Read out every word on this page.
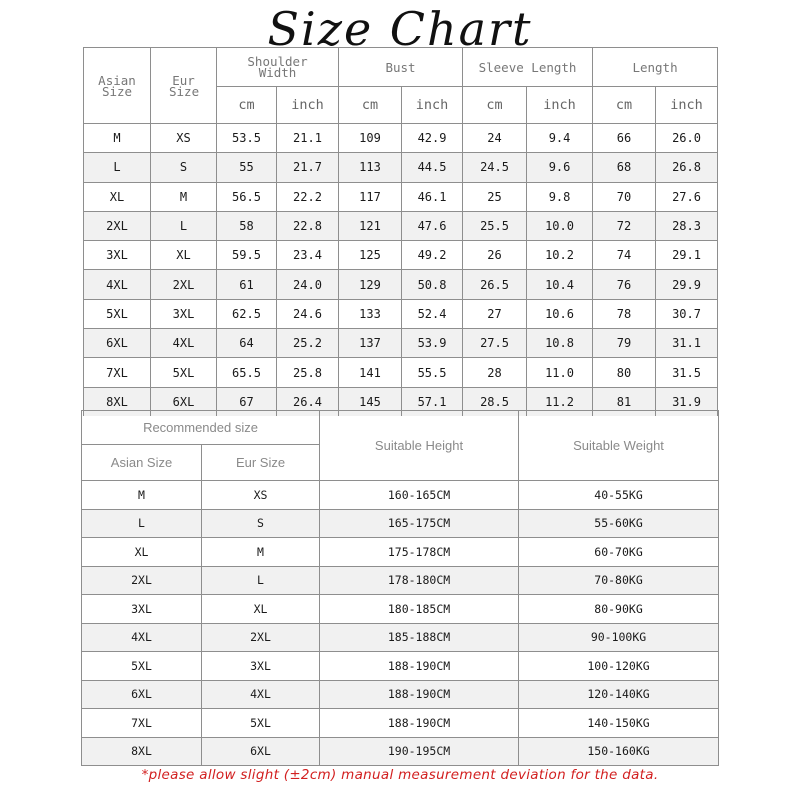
Size Chart
Asian Size	Eur Size	Shoulder Width		Bust		Sleeve Length		Length	
		cm	inch	cm	inch	cm	inch	cm	inch
M	XS	53.5	21.1	109	42.9	24	9.4	66	26.0
L	S	55	21.7	113	44.5	24.5	9.6	68	26.8
XL	M	56.5	22.2	117	46.1	25	9.8	70	27.6
2XL	L	58	22.8	121	47.6	25.5	10.0	72	28.3
3XL	XL	59.5	23.4	125	49.2	26	10.2	74	29.1
4XL	2XL	61	24.0	129	50.8	26.5	10.4	76	29.9
5XL	3XL	62.5	24.6	133	52.4	27	10.6	78	30.7
6XL	4XL	64	25.2	137	53.9	27.5	10.8	79	31.1
7XL	5XL	65.5	25.8	141	55.5	28	11.0	80	31.5
8XL	6XL	67	26.4	145	57.1	28.5	11.2	81	31.9
Recommended size		Suitable Height	Suitable Weight
Asian Size	Eur Size		
M	XS	160-165CM	40-55KG
L	S	165-175CM	55-60KG
XL	M	175-178CM	60-70KG
2XL	L	178-180CM	70-80KG
3XL	XL	180-185CM	80-90KG
4XL	2XL	185-188CM	90-100KG
5XL	3XL	188-190CM	100-120KG
6XL	4XL	188-190CM	120-140KG
7XL	5XL	188-190CM	140-150KG
8XL	6XL	190-195CM	150-160KG
*please allow slight (±2cm) manual measurement deviation for the data.
